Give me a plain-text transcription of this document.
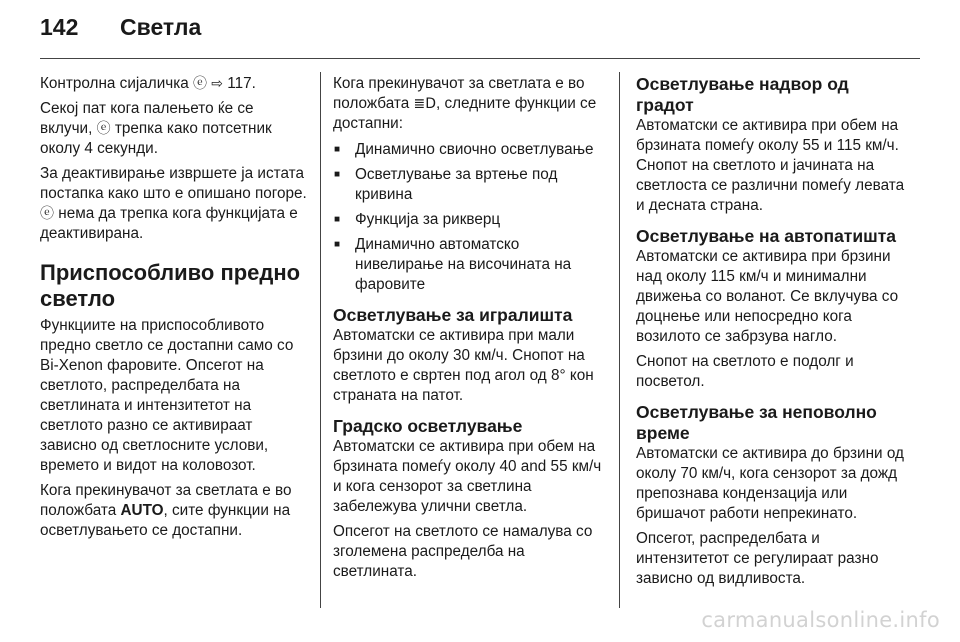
142 Светла

Контролна сијаличка ⓔ ⇨ 117.

Секој пат кога палењето ќе се вклучи, ⓔ трепка како потсетник околу 4 секунди.

За деактивирање извршете ја истата постапка како што е опишано погоре. ⓔ нема да трепка кога функцијата е деактивирана.

Приспособливо предно светло

Функциите на приспособливото предно светло се достапни само со Bi-Xenon фаровите. Опсегот на светлото, распределбата на светлината и интензитетот на светлото разно се активираат зависно од светлосните услови, времето и видот на коловозот.

Кога прекинувачот за светлата е во положбата AUTO, сите функции на осветлувањето се достапни.

Кога прекинувачот за светлата е во положбата ≣D, следните функции се достапни:

■ Динамично свиочно осветлување
■ Осветлување за вртење под кривина
■ Функција за рикверц
■ Динамично автоматско нивелирање на височината на фаровите
Осветлување за игралишта

Автоматски се активира при мали брзини до околу 30 км/ч. Снопот на светлото е свртен под агол од 8° кон страната на патот.

Градско осветлување

Автоматски се активира при обем на брзината помеѓу околу 40 and 55 км/ч и кога сензорот за светлина забележува улични светла.

Опсегот на светлото се намалува со зголемена распределба на светлината.

Осветлување надвор од градот

Автоматски се активира при обем на брзината помеѓу околу 55 и 115 км/ч. Снопот на светлото и јачината на светлоста се различни помеѓу левата и десната страна.

Осветлување на автопатишта

Автоматски се активира при брзини над околу 115 км/ч и минимални движења со воланот. Се вклучува со доцнење или непосредно кога возилото се забрзува нагло.

Снопот на светлото е подолг и посветол.

Осветлување за неповолно време

Автоматски се активира до брзини од околу 70 км/ч, кога сензорот за дожд препознава кондензација или бришачот работи непрекинато.

Опсегот, распределбата и интензитетот се регулираат разно зависно од видливоста.

carmanualsonline.info
